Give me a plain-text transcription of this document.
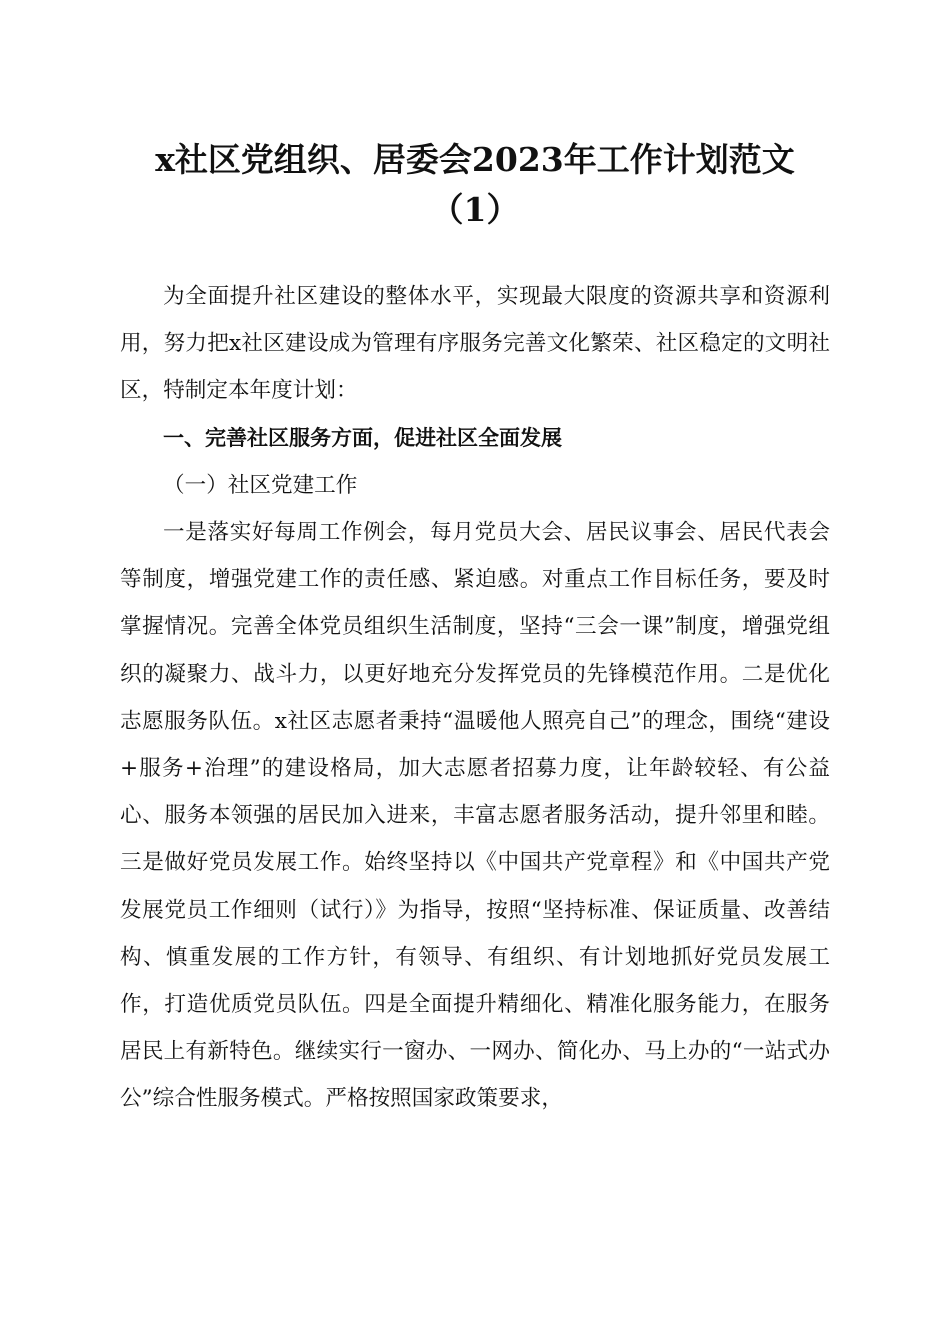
x社区党组织、居委会2023年工作计划范文
（1）

为全面提升社区建设的整体水平，实现最大限度的资源共享和资源利用，努力把x社区建设成为管理有序服务完善文化繁荣、社区稳定的文明社区，特制定本年度计划：

一、完善社区服务方面，促进社区全面发展

（一）社区党建工作

一是落实好每周工作例会，每月党员大会、居民议事会、居民代表会等制度，增强党建工作的责任感、紧迫感。对重点工作目标任务，要及时掌握情况。完善全体党员组织生活制度，坚持“三会一课”制度，增强党组织的凝聚力、战斗力，以更好地充分发挥党员的先锋模范作用。二是优化志愿服务队伍。x社区志愿者秉持“温暖他人照亮自己”的理念，围绕“建设+服务+治理”的建设格局，加大志愿者招募力度，让年龄较轻、有公益心、服务本领强的居民加入进来，丰富志愿者服务活动，提升邻里和睦。三是做好党员发展工作。始终坚持以《中国共产党章程》和《中国共产党发展党员工作细则（试行）》为指导，按照“坚持标准、保证质量、改善结构、慎重发展的工作方针，有领导、有组织、有计划地抓好党员发展工作，打造优质党员队伍。四是全面提升精细化、精准化服务能力，在服务居民上有新特色。继续实行一窗办、一网办、简化办、马上办的“一站式办公”综合性服务模式。严格按照国家政策要求，
